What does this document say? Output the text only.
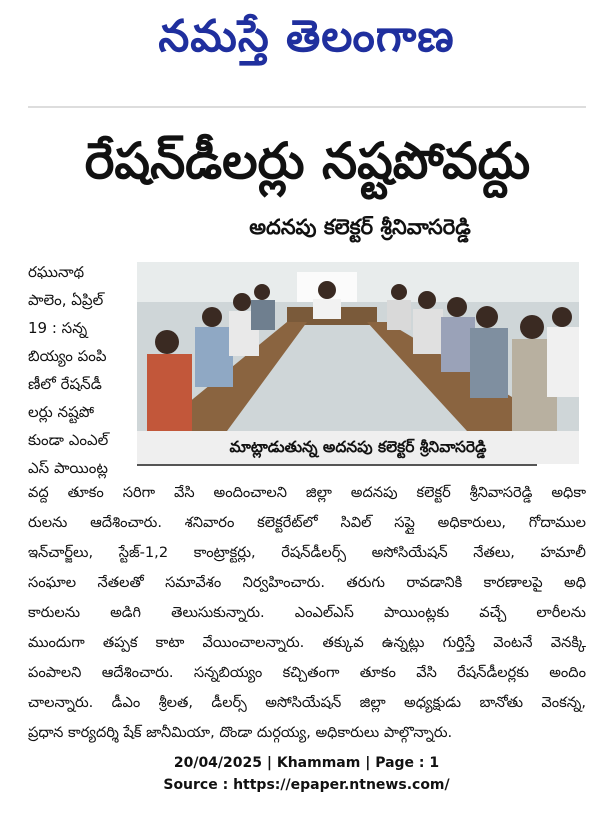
నమస్తే తెలంగాణ
రేషన్‌డీలర్లు నష్టపోవద్దు
అదనపు కలెక్టర్ శ్రీనివాసరెడ్డి
రఘునాథ
పాలెం, ఏప్రిల్
19 : సన్న
బియ్యం పంపి
ణీలో రేషన్‌డీ
లర్లు నష్టపో
కుండా ఎంఎల్
ఎస్ పాయింట్ల
మాట్లాడుతున్న అదనపు కలెక్టర్ శ్రీనివాసరెడ్డి
వద్ద తూకం సరిగా వేసి అందించాలని జిల్లా అదనపు కలెక్టర్ శ్రీనివాసరెడ్డి అధికా
రులను ఆదేశించారు. శనివారం కలెక్టరేట్‌లో సివిల్ సప్లై అధికారులు, గోదాముల
ఇన్‌చార్జ్‌లు, స్టేజ్-1,2 కాంట్రాక్టర్లు, రేషన్‌డీలర్స్ అసోసియేషన్ నేతలు, హమాలీ
సంఘాల నేతలతో సమావేశం నిర్వహించారు. తరుగు రావడానికి కారణాలపై అధి
కారులను అడిగి తెలుసుకున్నారు. ఎంఎల్‌ఎస్ పాయింట్లకు వచ్చే లారీలను
ముందుగా తప్పక కాటా వేయించాలన్నారు. తక్కువ ఉన్నట్లు గుర్తిస్తే వెంటనే వెనక్కి
పంపాలని ఆదేశించారు. సన్నబియ్యం కచ్చితంగా తూకం వేసి రేషన్‌డీలర్లకు అందిం
చాలన్నారు. డీఎం శ్రీలత, డీలర్స్ అసోసియేషన్ జిల్లా అధ్యక్షుడు బానోతు వెంకన్న,
ప్రధాన కార్యదర్శి షేక్ జానీమియా, దొండా దుర్గయ్య, అధికారులు పాల్గొన్నారు.
20/04/2025 | Khammam | Page : 1
Source : https://epaper.ntnews.com/
